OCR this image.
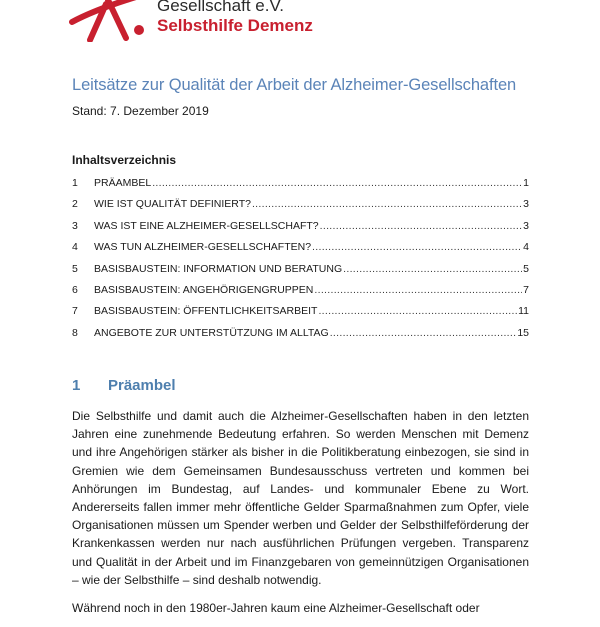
Gesellschaft e.V.
Selbsthilfe Demenz
Leitsätze zur Qualität der Arbeit der Alzheimer-Gesellschaften
Stand: 7. Dezember 2019
Inhaltsverzeichnis
1	PRÄAMBEL .....	1
2	WIE IST QUALITÄT DEFINIERT? .....	3
3	WAS IST EINE ALZHEIMER-GESELLSCHAFT? .....	3
4	WAS TUN ALZHEIMER-GESELLSCHAFTEN? .....	4
5	BASISBAUSTEIN: INFORMATION UND BERATUNG .....	5
6	BASISBAUSTEIN: ANGEHÖRIGENGRUPPEN .....	7
7	BASISBAUSTEIN: ÖFFENTLICHKEITSARBEIT .....	11
8	ANGEBOTE ZUR UNTERSTÜTZUNG IM ALLTAG .....	15
1 Präambel

Die Selbsthilfe und damit auch die Alzheimer-Gesellschaften haben in den letzten Jahren eine zunehmende Bedeutung erfahren. So werden Menschen mit Demenz und ihre Angehörigen stärker als bisher in die Politikberatung einbezogen, sie sind in Gremien wie dem Gemeinsamen Bundesausschuss vertreten und kommen bei Anhörungen im Bundestag, auf Landes- und kommunaler Ebene zu Wort. Andererseits fallen immer mehr öffentliche Gelder Sparmaßnahmen zum Opfer, viele Organisationen müssen um Spender werben und Gelder der Selbsthilfeförderung der Krankenkassen werden nur nach ausführlichen Prüfungen vergeben. Transparenz und Qualität in der Arbeit und im Finanzgebaren von gemeinnützigen Organisationen – wie der Selbsthilfe – sind deshalb notwendig.

Während noch in den 1980er-Jahren kaum eine Alzheimer-Gesellschaft oder
